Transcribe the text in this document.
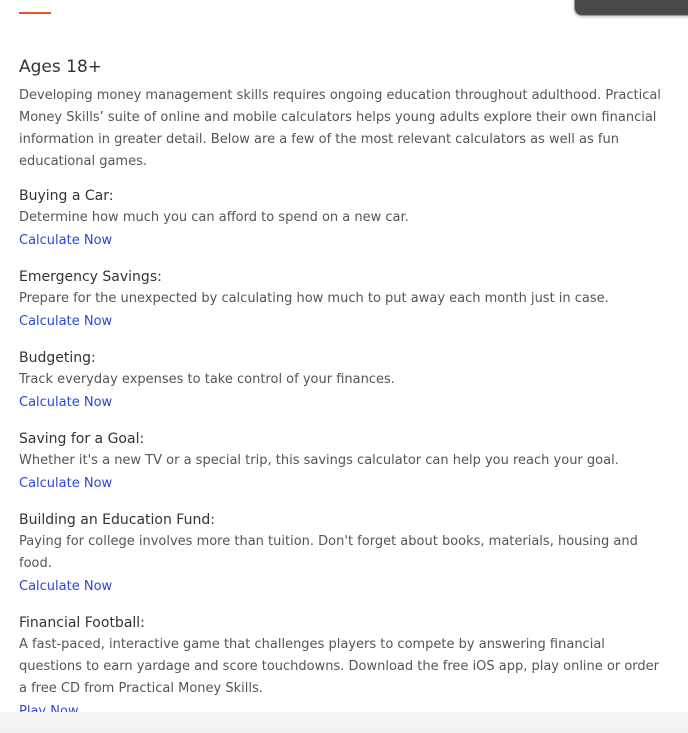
Ages 18+

Developing money management skills requires ongoing education throughout adulthood. Practical Money Skills’ suite of online and mobile calculators helps young adults explore their own financial information in greater detail. Below are a few of the most relevant calculators as well as fun educational games.

Buying a Car:

Determine how much you can afford to spend on a new car.

Calculate Now
Emergency Savings:

Prepare for the unexpected by calculating how much to put away each month just in case.

Calculate Now
Budgeting:

Track everyday expenses to take control of your finances.

Calculate Now
Saving for a Goal:

Whether it's a new TV or a special trip, this savings calculator can help you reach your goal.

Calculate Now
Building an Education Fund:

Paying for college involves more than tuition. Don't forget about books, materials, housing and food.

Calculate Now
Financial Football:

A fast-paced, interactive game that challenges players to compete by answering financial questions to earn yardage and score touchdowns. Download the free iOS app, play online or order a free CD from Practical Money Skills.
